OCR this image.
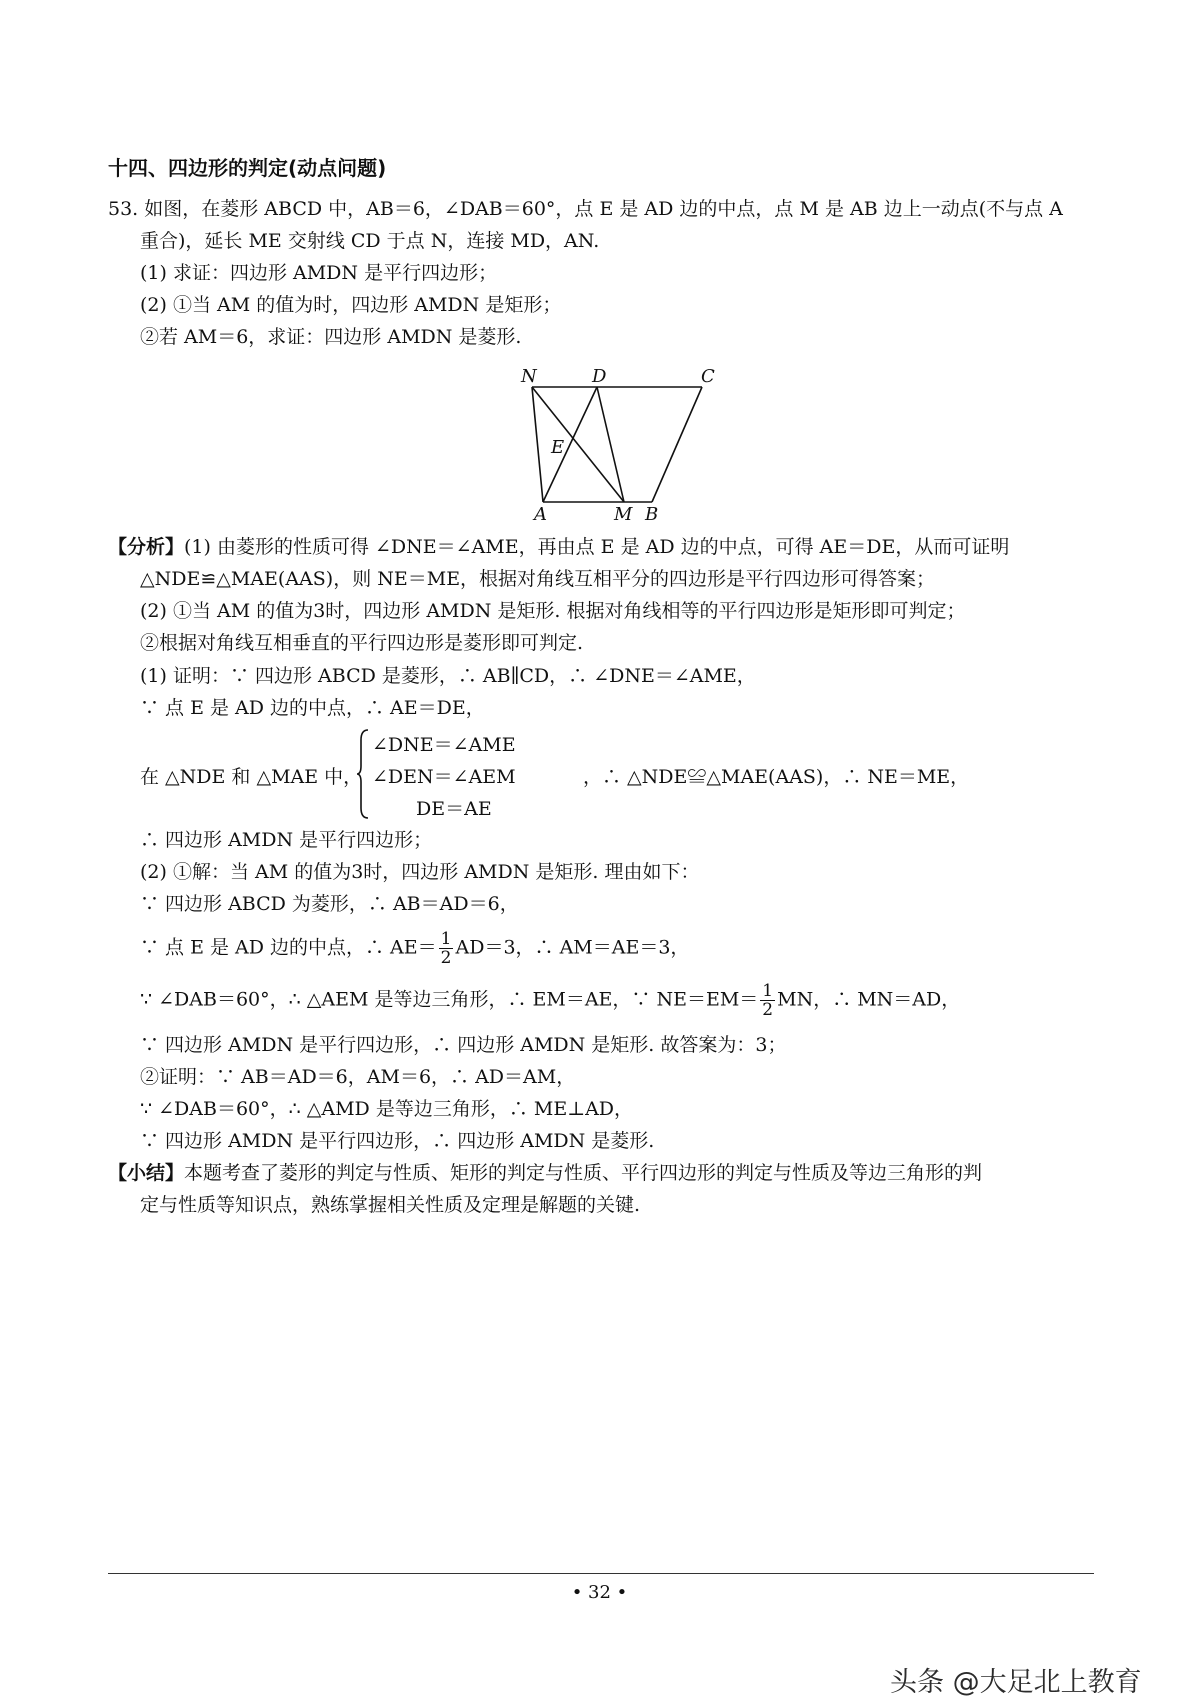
十四、四边形的判定(动点问题)
53. 如图，在菱形 ABCD 中，AB＝6，∠DAB＝60°，点 E 是 AD 边的中点，点 M 是 AB 边上一动点(不与点 A
重合)，延长 ME 交射线 CD 于点 N，连接 MD，AN.
(1) 求证：四边形 AMDN 是平行四边形；
(2) ①当 AM 的值为时，四边形 AMDN 是矩形；
②若 AM＝6，求证：四边形 AMDN 是菱形.
N	D	C
E
A	M B
【分析】(1) 由菱形的性质可得 ∠DNE＝∠AME，再由点 E 是 AD 边的中点，可得 AE＝DE，从而可证明
△NDE≌△MAE(AAS)，则 NE＝ME，根据对角线互相平分的四边形是平行四边形可得答案；
(2) ①当 AM 的值为3时，四边形 AMDN 是矩形. 根据对角线相等的平行四边形是矩形即可判定；
②根据对角线互相垂直的平行四边形是菱形即可判定.
(1) 证明：∵ 四边形 ABCD 是菱形，∴ AB∥CD，∴ ∠DNE＝∠AME，
∵ 点 E 是 AD 边的中点，∴ AE＝DE，
在 △NDE 和 △MAE 中，
∠DNE＝∠AME
∠DEN＝∠AEM
DE＝AE
，∴ △NDE≌△MAE(AAS)，∴ NE＝ME，
∴ 四边形 AMDN 是平行四边形；
(2) ①解：当 AM 的值为3时，四边形 AMDN 是矩形. 理由如下：
∵ 四边形 ABCD 为菱形，∴ AB＝AD＝6，
∵ 点 E 是 AD 边的中点，∴ $AE= \frac{1}{2} AD=3$，∴ AM＝AE＝3，
∵ ∠DAB＝60°，∴ △AEM 是等边三角形，∴ EM＝AE，∵ $NE=EM= \frac{1}{2}$ MN，∴ MN＝AD，
∵ 四边形 AMDN 是平行四边形，∴ 四边形 AMDN 是矩形. 故答案为：3；
②证明：∵ AB＝AD＝6，AM＝6，∴ AD＝AM，
∵ ∠DAB＝60°，∴ △AMD 是等边三角形，∴ ME⊥AD，
∵ 四边形 AMDN 是平行四边形，∴ 四边形 AMDN 是菱形.
【小结】本题考查了菱形的判定与性质、矩形的判定与性质、平行四边形的判定与性质及等边三角形的判
定与性质等知识点，熟练掌握相关性质及定理是解题的关键.
• 32 •
头条 @大足北上教育
